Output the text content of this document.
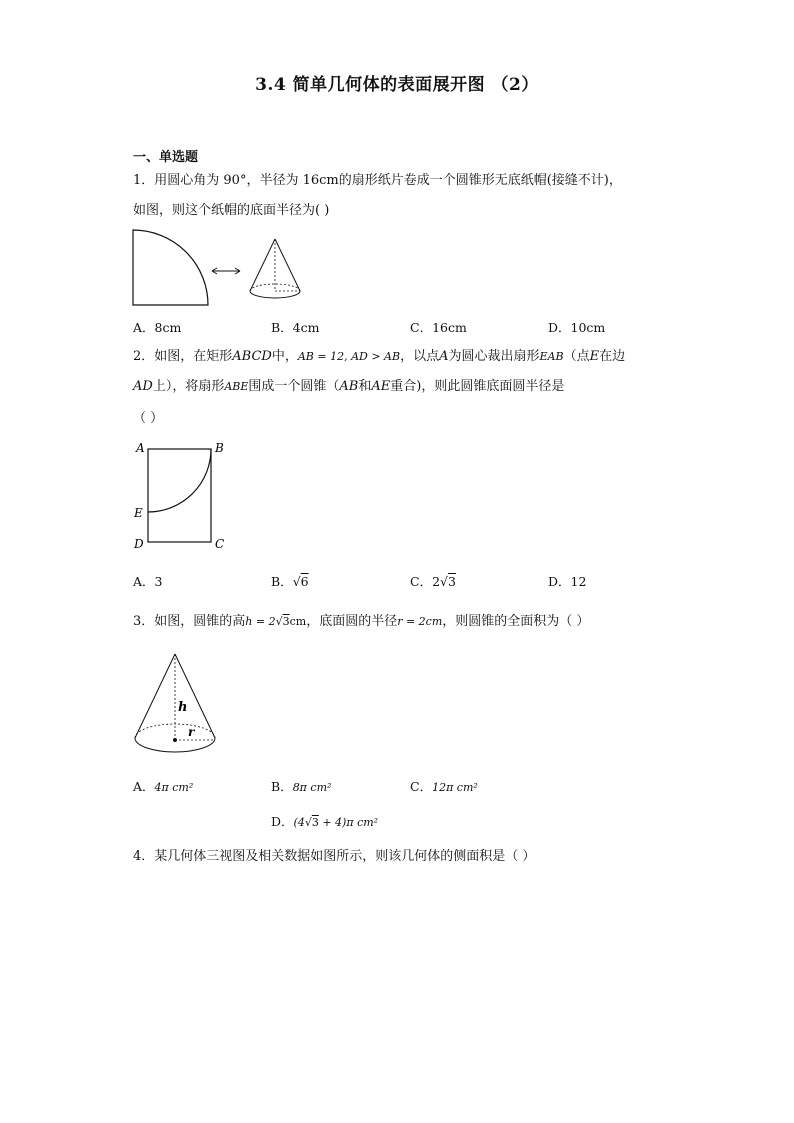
3.4 简单几何体的表面展开图 （2）
一、单选题
1．用圆心角为 90°，半径为 16cm的扇形纸片卷成一个圆锥形无底纸帽(接缝不计)，
如图，则这个纸帽的底面半径为( )
A．8cm	B．4cm	C．16cm	D．10cm
2．如图，在矩形ABCD中，AB = 12, AD > AB，以点A为圆心裁出扇形EAB（点E在边
AD上），将扇形ABE围成一个圆锥（AB和AE重合)，则此圆锥底面圆半径是
（ ）
A	B
E
D	C
A．3	B．√6	C．2√3	D．12
3．如图，圆锥的高h = 2√3cm，底面圆的半径r = 2cm，则圆锥的全面积为（ ）
h
r
A．4π cm²	B．8π cm²	C．12π cm²
D．(4√3 + 4)π cm²
4．某几何体三视图及相关数据如图所示，则该几何体的侧面积是（ ）
